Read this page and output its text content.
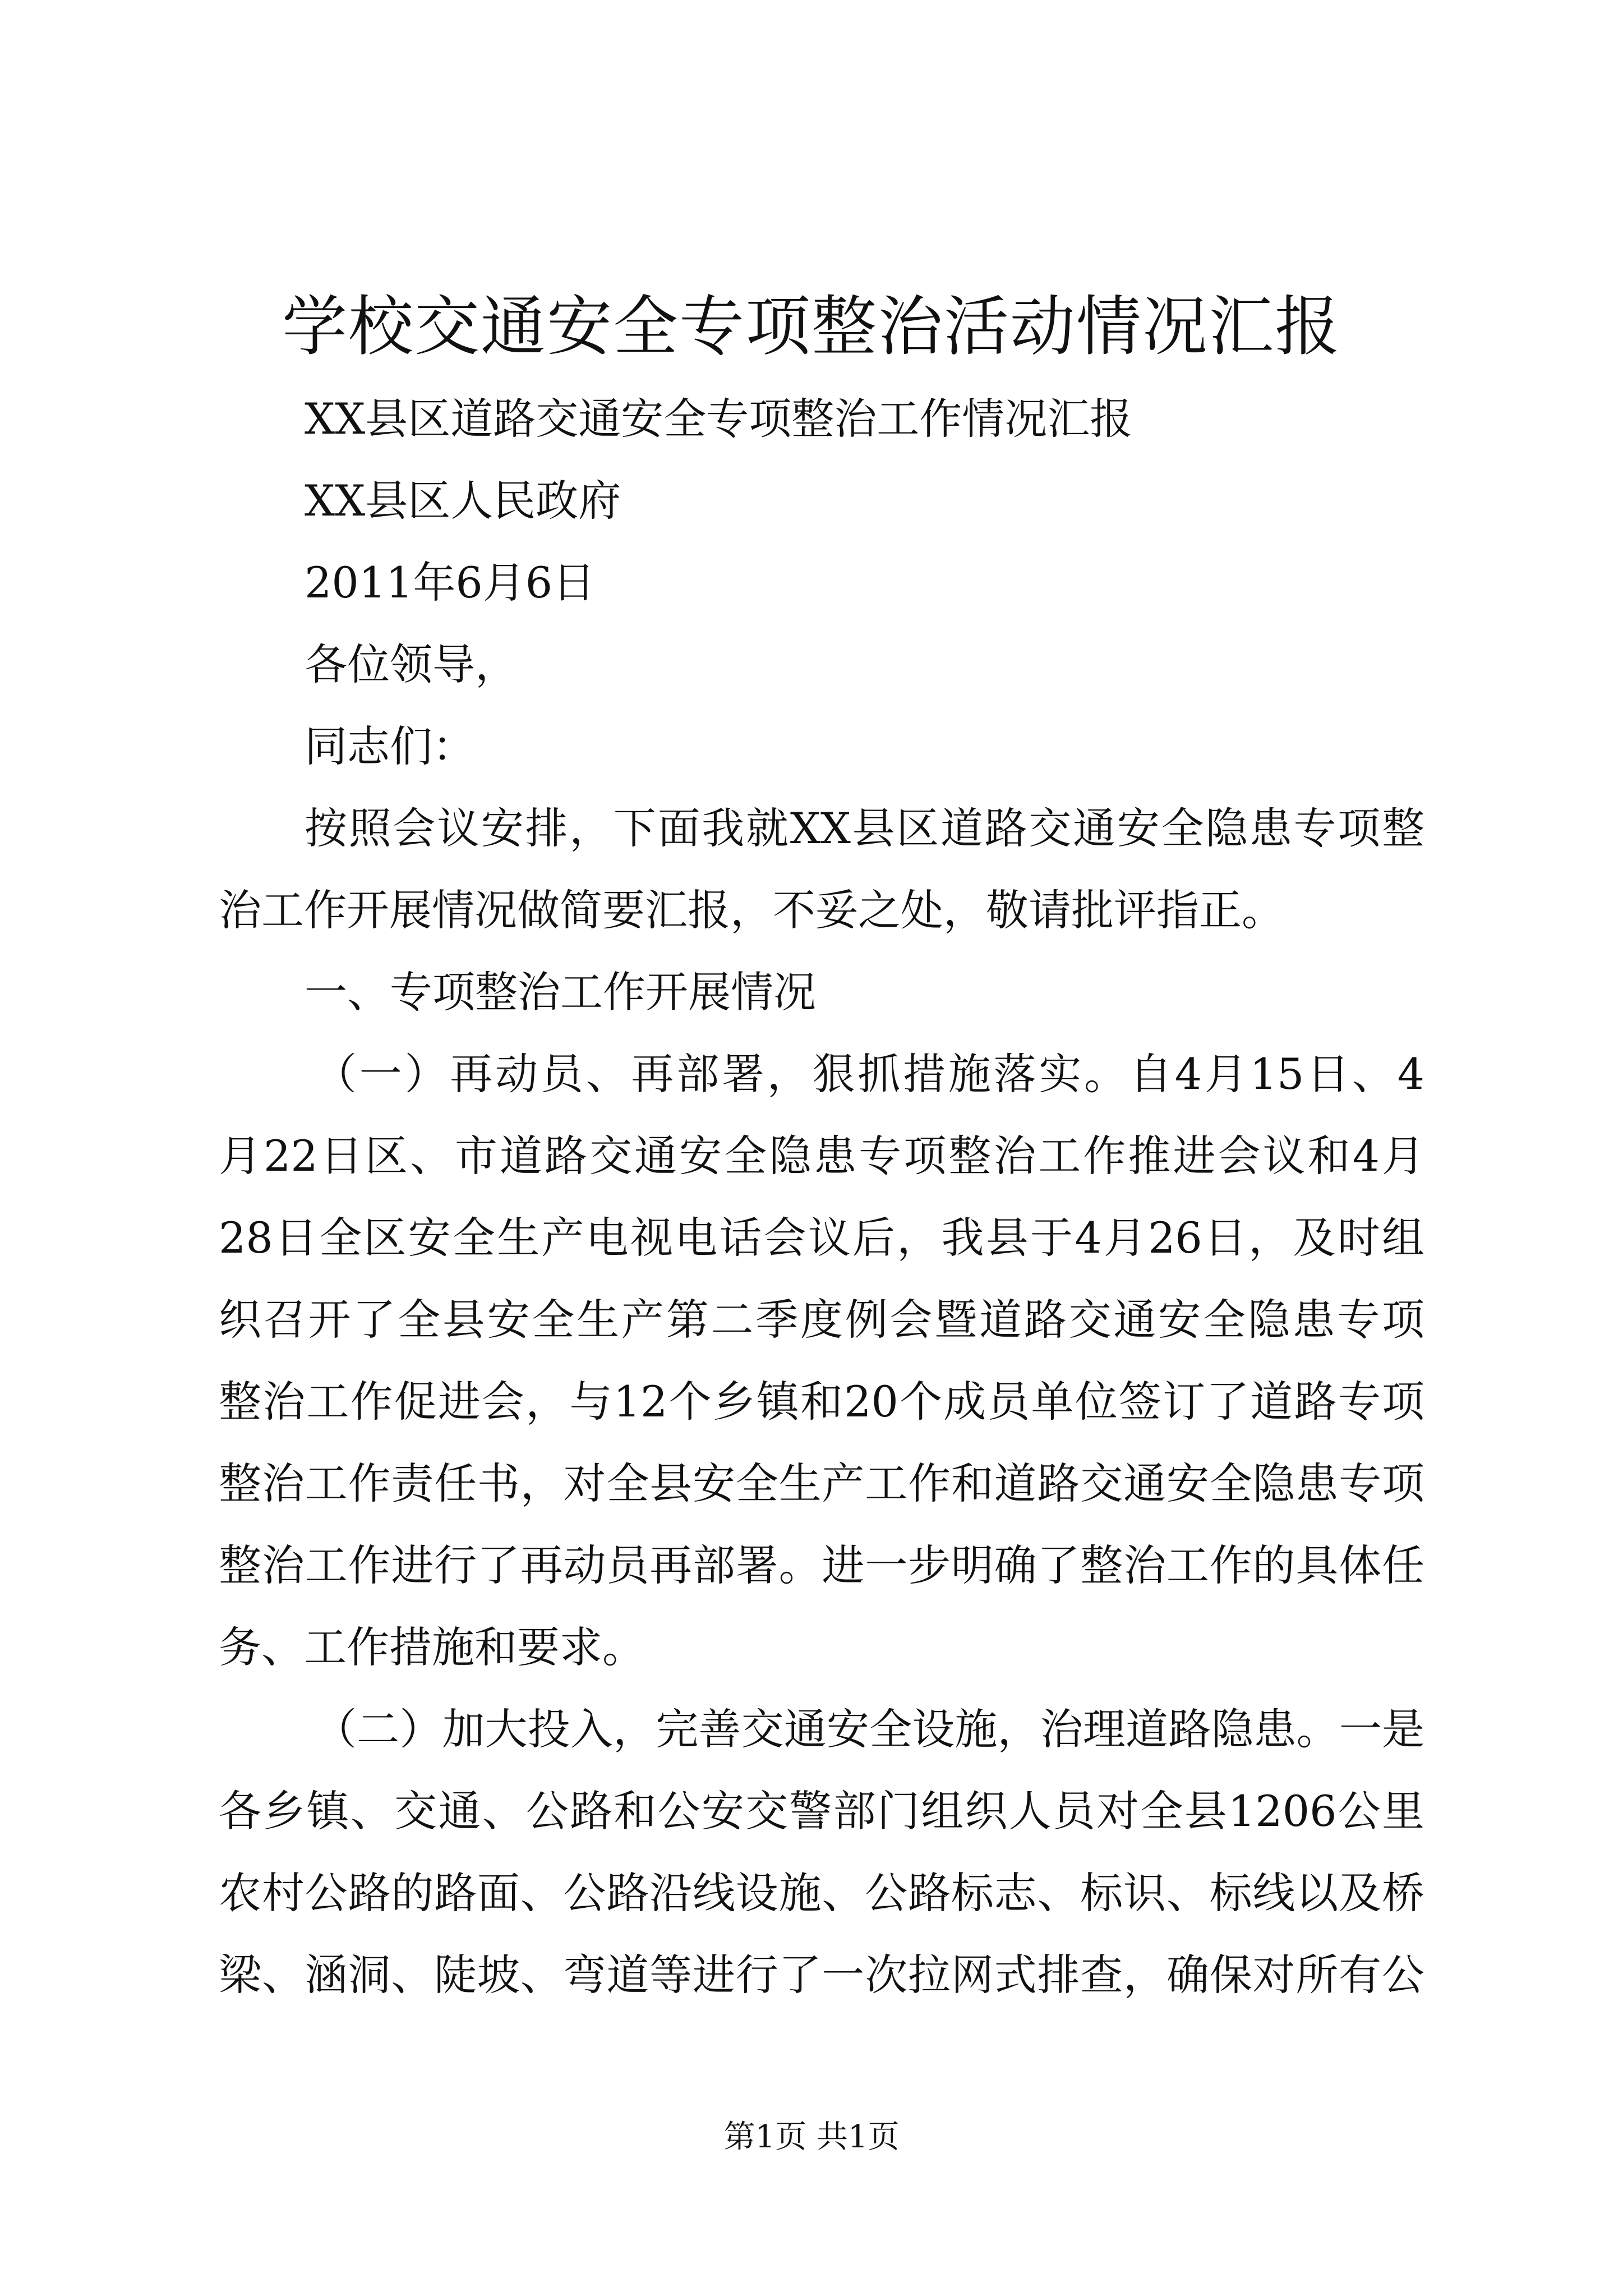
学校交通安全专项整治活动情况汇报
XX县区道路交通安全专项整治工作情况汇报
XX县区人民政府
2011年6月6日
各位领导，
同志们：
按照会议安排，下面我就XX县区道路交通安全隐患专项整
治工作开展情况做简要汇报，不妥之处，敬请批评指正。
一、专项整治工作开展情况
（一）再动员、再部署，狠抓措施落实。自4月15日、4
月22日区、市道路交通安全隐患专项整治工作推进会议和4月
28日全区安全生产电视电话会议后，我县于4月26日，及时组
织召开了全县安全生产第二季度例会暨道路交通安全隐患专项
整治工作促进会，与12个乡镇和20个成员单位签订了道路专项
整治工作责任书，对全县安全生产工作和道路交通安全隐患专项
整治工作进行了再动员再部署。进一步明确了整治工作的具体任
务、工作措施和要求。
（二）加大投入，完善交通安全设施，治理道路隐患。一是
各乡镇、交通、公路和公安交警部门组织人员对全县1206公里
农村公路的路面、公路沿线设施、公路标志、标识、标线以及桥
梁、涵洞、陡坡、弯道等进行了一次拉网式排查，确保对所有公
第1页 共1页
